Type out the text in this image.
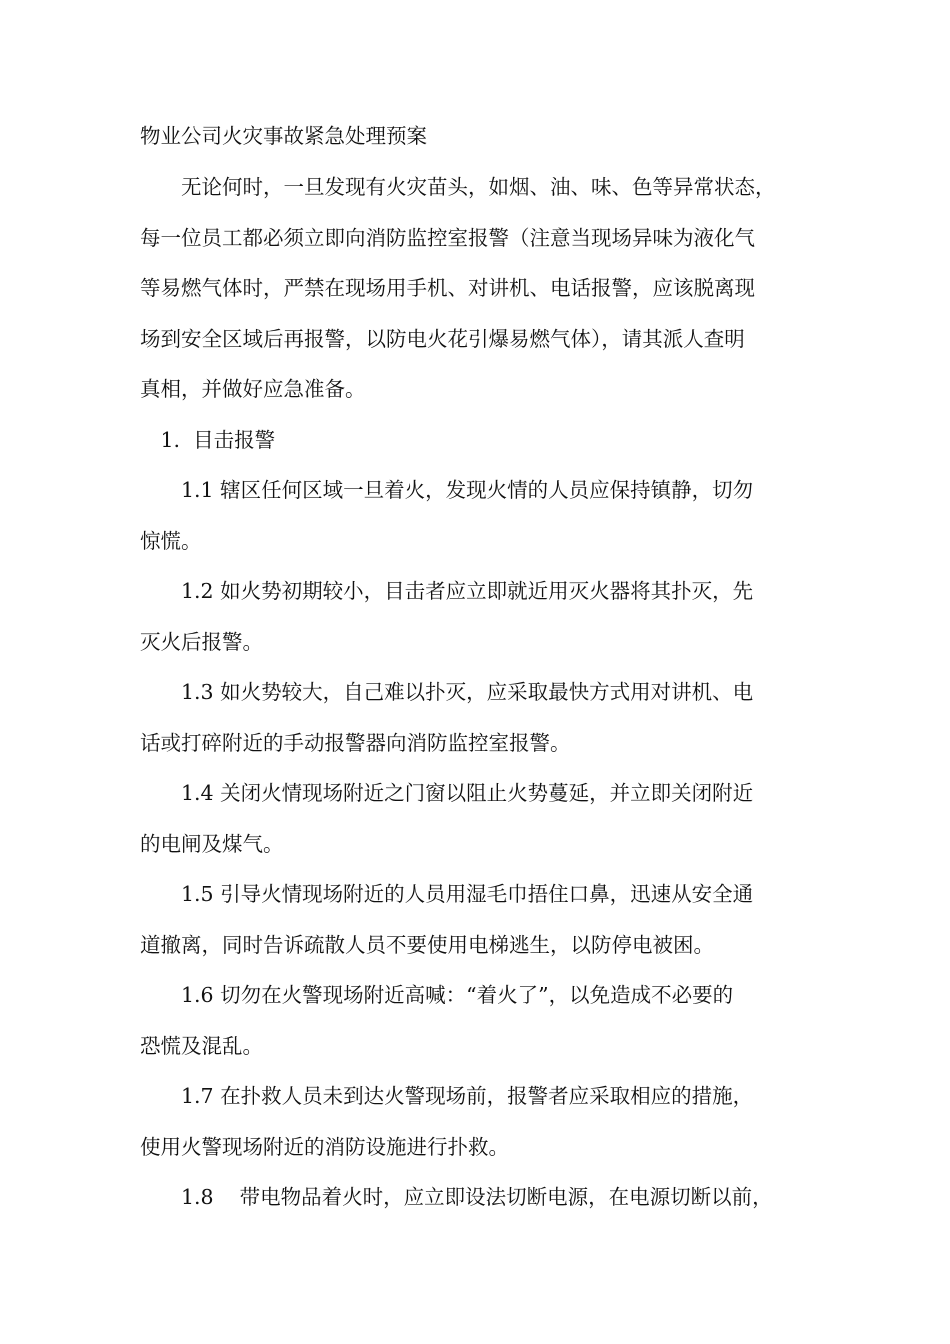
物业公司火灾事故紧急处理预案

无论何时，一旦发现有火灾苗头，如烟、油、味、色等异常状态，
每一位员工都必须立即向消防监控室报警（注意当现场异味为液化气
等易燃气体时，严禁在现场用手机、对讲机、电话报警，应该脱离现
场到安全区域后再报警，以防电火花引爆易燃气体），请其派人查明
真相，并做好应急准备。

1.  目击报警

1.1 辖区任何区域一旦着火，发现火情的人员应保持镇静，切勿
惊慌。

1.2 如火势初期较小，目击者应立即就近用灭火器将其扑灭，先
灭火后报警。

1.3 如火势较大，自己难以扑灭，应采取最快方式用对讲机、电
话或打碎附近的手动报警器向消防监控室报警。

1.4 关闭火情现场附近之门窗以阻止火势蔓延，并立即关闭附近
的电闸及煤气。

1.5 引导火情现场附近的人员用湿毛巾捂住口鼻，迅速从安全通
道撤离，同时告诉疏散人员不要使用电梯逃生，以防停电被困。

1.6 切勿在火警现场附近高喊：“着火了”，以免造成不必要的
恐慌及混乱。

1.7 在扑救人员未到达火警现场前，报警者应采取相应的措施，
使用火警现场附近的消防设施进行扑救。

1.8    带电物品着火时，应立即设法切断电源，在电源切断以前，
